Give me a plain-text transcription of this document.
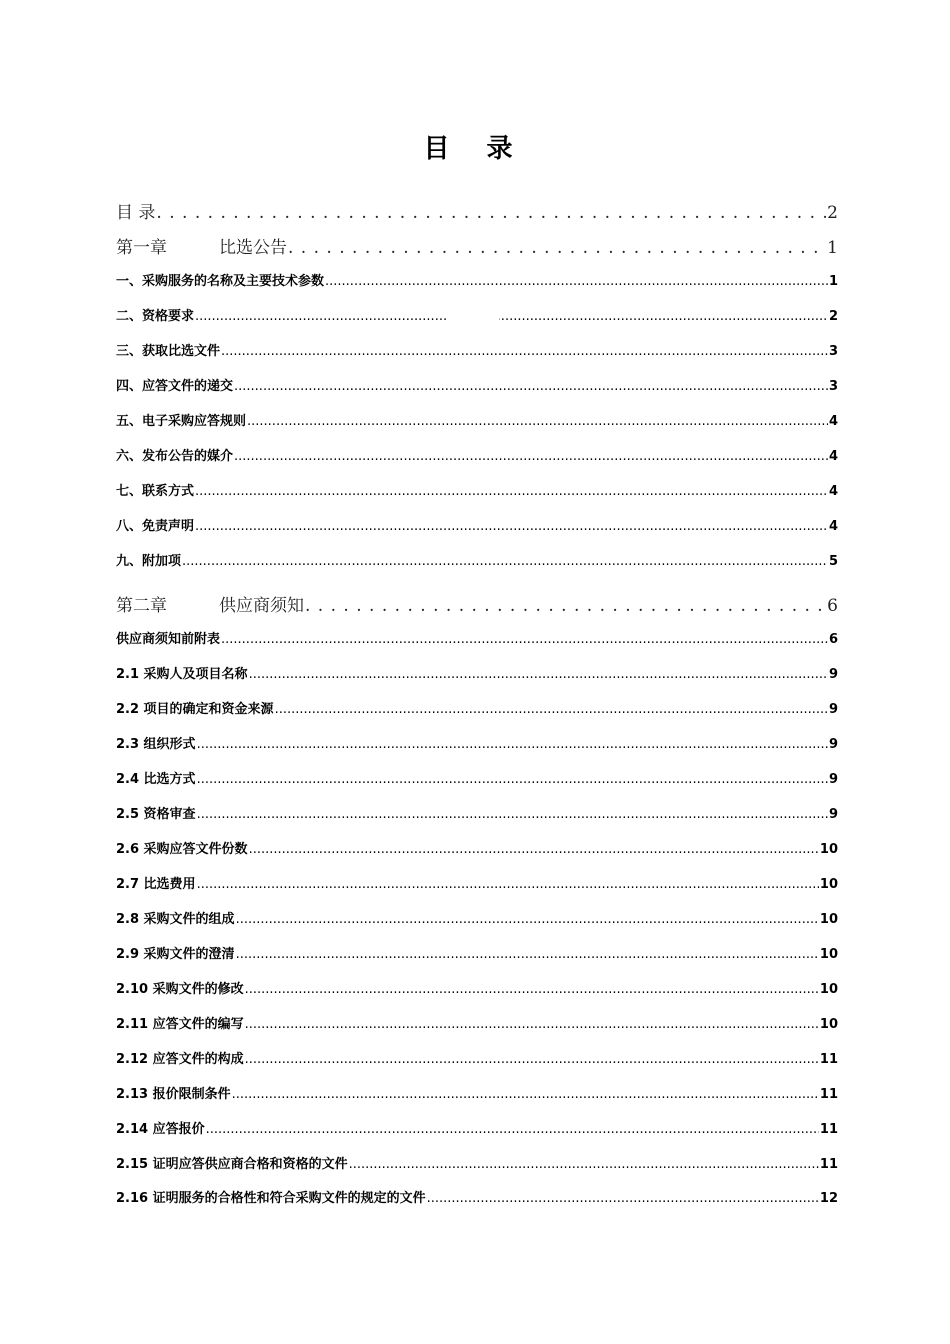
目 录
目 录 . . .	2
第一章	比选公告 . . .	1
一、采购服务的名称及主要技术参数 .....	1
二、资格要求 .....	2
三、获取比选文件 .....	3
四、应答文件的递交 .....	3
五、电子采购应答规则 .....	4
六、发布公告的媒介 .....	4
七、联系方式 .....	4
八、免责声明 .....	4
九、附加项 .....	5
第二章	供应商须知 . . .	6
供应商须知前附表 .....	6
2.1 采购人及项目名称 .....	9
2.2 项目的确定和资金来源 .....	9
2.3 组织形式 .....	9
2.4 比选方式 .....	9
2.5 资格审查 .....	9
2.6 采购应答文件份数 .....	10
2.7 比选费用 .....	10
2.8 采购文件的组成 .....	10
2.9 采购文件的澄清 .....	10
2.10 采购文件的修改 .....	10
2.11 应答文件的编写 .....	10
2.12 应答文件的构成 .....	11
2.13 报价限制条件 .....	11
2.14 应答报价 .....	11
2.15 证明应答供应商合格和资格的文件 .....	11
2.16 证明服务的合格性和符合采购文件的规定的文件 .....	12
